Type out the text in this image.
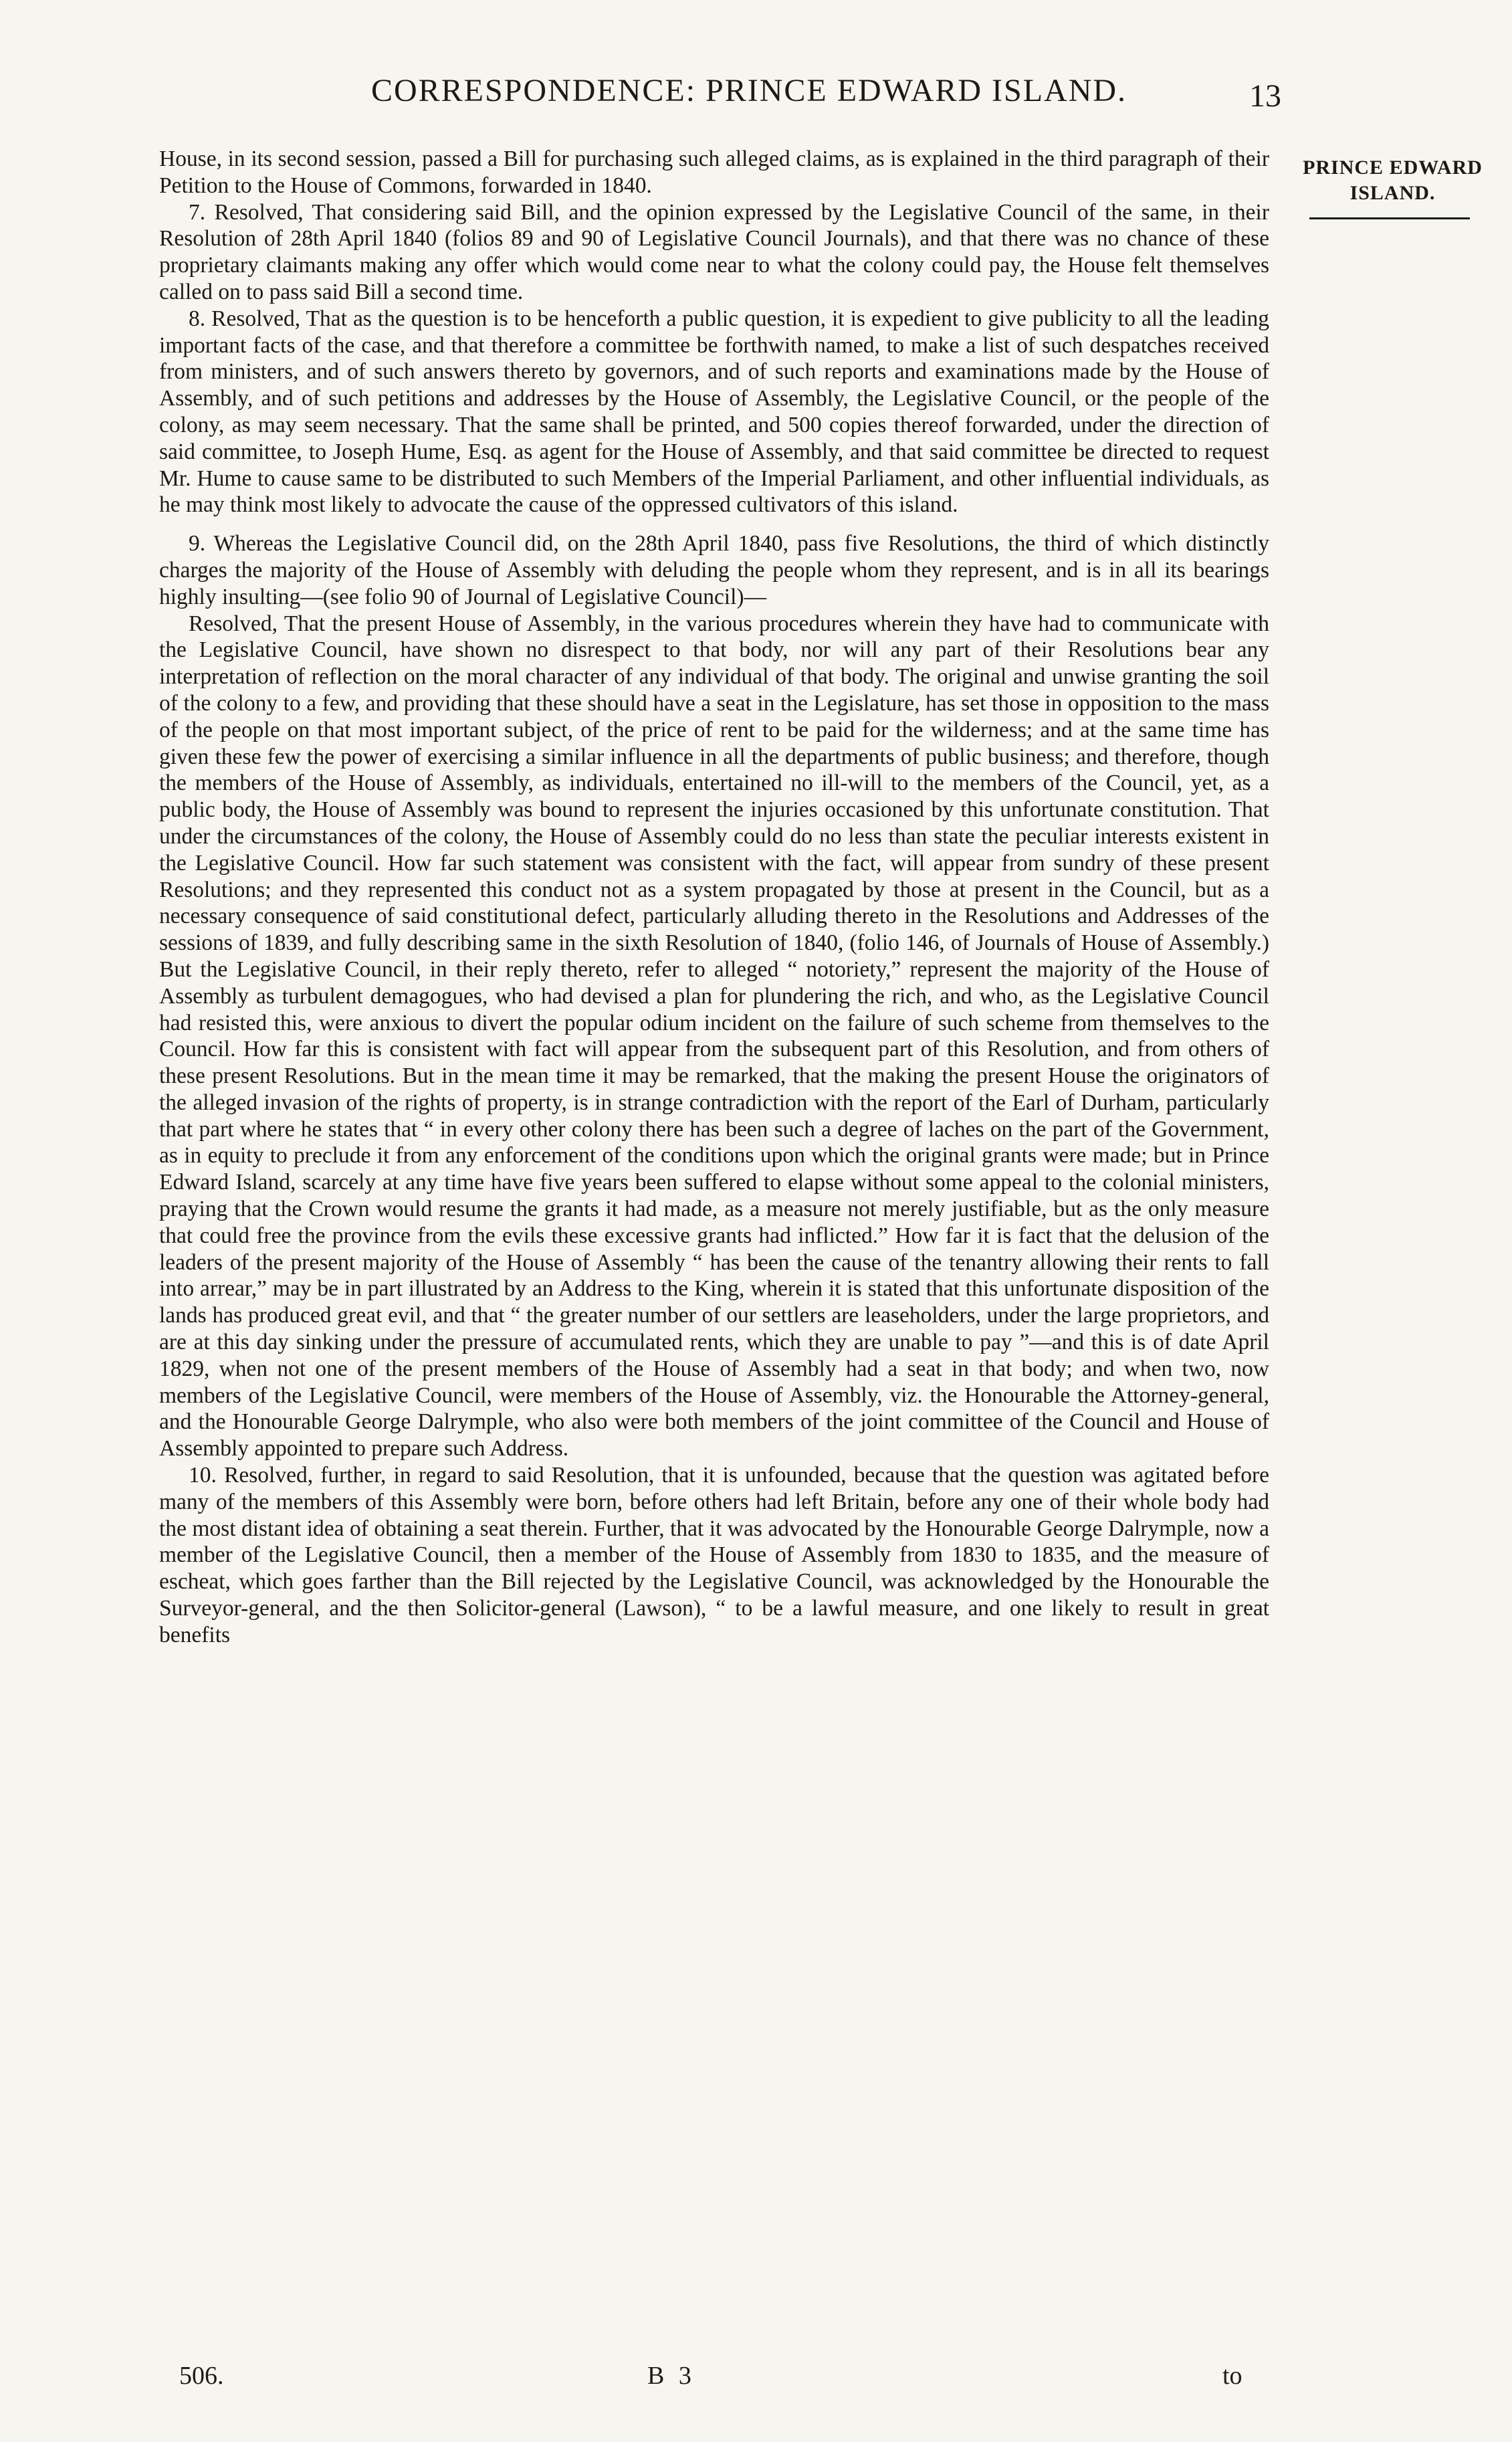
CORRESPONDENCE: PRINCE EDWARD ISLAND.	13
PRINCE EDWARD
ISLAND.

House, in its second session, passed a Bill for purchasing such alleged claims, as is explained in the third paragraph of their Petition to the House of Commons, forwarded in 1840.

7. Resolved, That considering said Bill, and the opinion expressed by the Legislative Council of the same, in their Resolution of 28th April 1840 (folios 89 and 90 of Legislative Council Journals), and that there was no chance of these proprietary claimants making any offer which would come near to what the colony could pay, the House felt themselves called on to pass said Bill a second time.

8. Resolved, That as the question is to be henceforth a public question, it is expedient to give publicity to all the leading important facts of the case, and that therefore a committee be forthwith named, to make a list of such despatches received from ministers, and of such answers thereto by governors, and of such reports and examinations made by the House of Assembly, and of such petitions and addresses by the House of Assembly, the Legislative Council, or the people of the colony, as may seem necessary. That the same shall be printed, and 500 copies thereof forwarded, under the direction of said committee, to Joseph Hume, Esq. as agent for the House of Assembly, and that said committee be directed to request Mr. Hume to cause same to be distributed to such Members of the Imperial Parliament, and other influential individuals, as he may think most likely to advocate the cause of the oppressed cultivators of this island.

9. Whereas the Legislative Council did, on the 28th April 1840, pass five Resolutions, the third of which distinctly charges the majority of the House of Assembly with deluding the people whom they represent, and is in all its bearings highly insulting—(see folio 90 of Journal of Legislative Council)—

Resolved, That the present House of Assembly, in the various procedures wherein they have had to communicate with the Legislative Council, have shown no disrespect to that body, nor will any part of their Resolutions bear any interpretation of reflection on the moral character of any individual of that body. The original and unwise granting the soil of the colony to a few, and providing that these should have a seat in the Legislature, has set those in opposition to the mass of the people on that most important subject, of the price of rent to be paid for the wilderness; and at the same time has given these few the power of exercising a similar influence in all the departments of public business; and therefore, though the members of the House of Assembly, as individuals, entertained no ill-will to the members of the Council, yet, as a public body, the House of Assembly was bound to represent the injuries occasioned by this unfortunate constitution. That under the circumstances of the colony, the House of Assembly could do no less than state the peculiar interests existent in the Legislative Council. How far such statement was consistent with the fact, will appear from sundry of these present Resolutions; and they represented this conduct not as a system propagated by those at present in the Council, but as a necessary consequence of said constitutional defect, particularly alluding thereto in the Resolutions and Addresses of the sessions of 1839, and fully describing same in the sixth Resolution of 1840, (folio 146, of Journals of House of Assembly.) But the Legislative Council, in their reply thereto, refer to alleged “ notoriety,” represent the majority of the House of Assembly as turbulent demagogues, who had devised a plan for plundering the rich, and who, as the Legislative Council had resisted this, were anxious to divert the popular odium incident on the failure of such scheme from themselves to the Council. How far this is consistent with fact will appear from the subsequent part of this Resolution, and from others of these present Resolutions. But in the mean time it may be remarked, that the making the present House the originators of the alleged invasion of the rights of property, is in strange contradiction with the report of the Earl of Durham, particularly that part where he states that “ in every other colony there has been such a degree of laches on the part of the Government, as in equity to preclude it from any enforcement of the conditions upon which the original grants were made; but in Prince Edward Island, scarcely at any time have five years been suffered to elapse without some appeal to the colonial ministers, praying that the Crown would resume the grants it had made, as a measure not merely justifiable, but as the only measure that could free the province from the evils these excessive grants had inflicted.” How far it is fact that the delusion of the leaders of the present majority of the House of Assembly “ has been the cause of the tenantry allowing their rents to fall into arrear,” may be in part illustrated by an Address to the King, wherein it is stated that this unfortunate disposition of the lands has produced great evil, and that “ the greater number of our settlers are leaseholders, under the large proprietors, and are at this day sinking under the pressure of accumulated rents, which they are unable to pay ”—and this is of date April 1829, when not one of the present members of the House of Assembly had a seat in that body; and when two, now members of the Legislative Council, were members of the House of Assembly, viz. the Honourable the Attorney-general, and the Honourable George Dalrymple, who also were both members of the joint committee of the Council and House of Assembly appointed to prepare such Address.

10. Resolved, further, in regard to said Resolution, that it is unfounded, because that the question was agitated before many of the members of this Assembly were born, before others had left Britain, before any one of their whole body had the most distant idea of obtaining a seat therein. Further, that it was advocated by the Honourable George Dalrymple, now a member of the Legislative Council, then a member of the House of Assembly from 1830 to 1835, and the measure of escheat, which goes farther than the Bill rejected by the Legislative Council, was acknowledged by the Honourable the Surveyor-general, and the then Solicitor-general (Lawson), “ to be a lawful measure, and one likely to result in great benefits

506.	B 3	to
